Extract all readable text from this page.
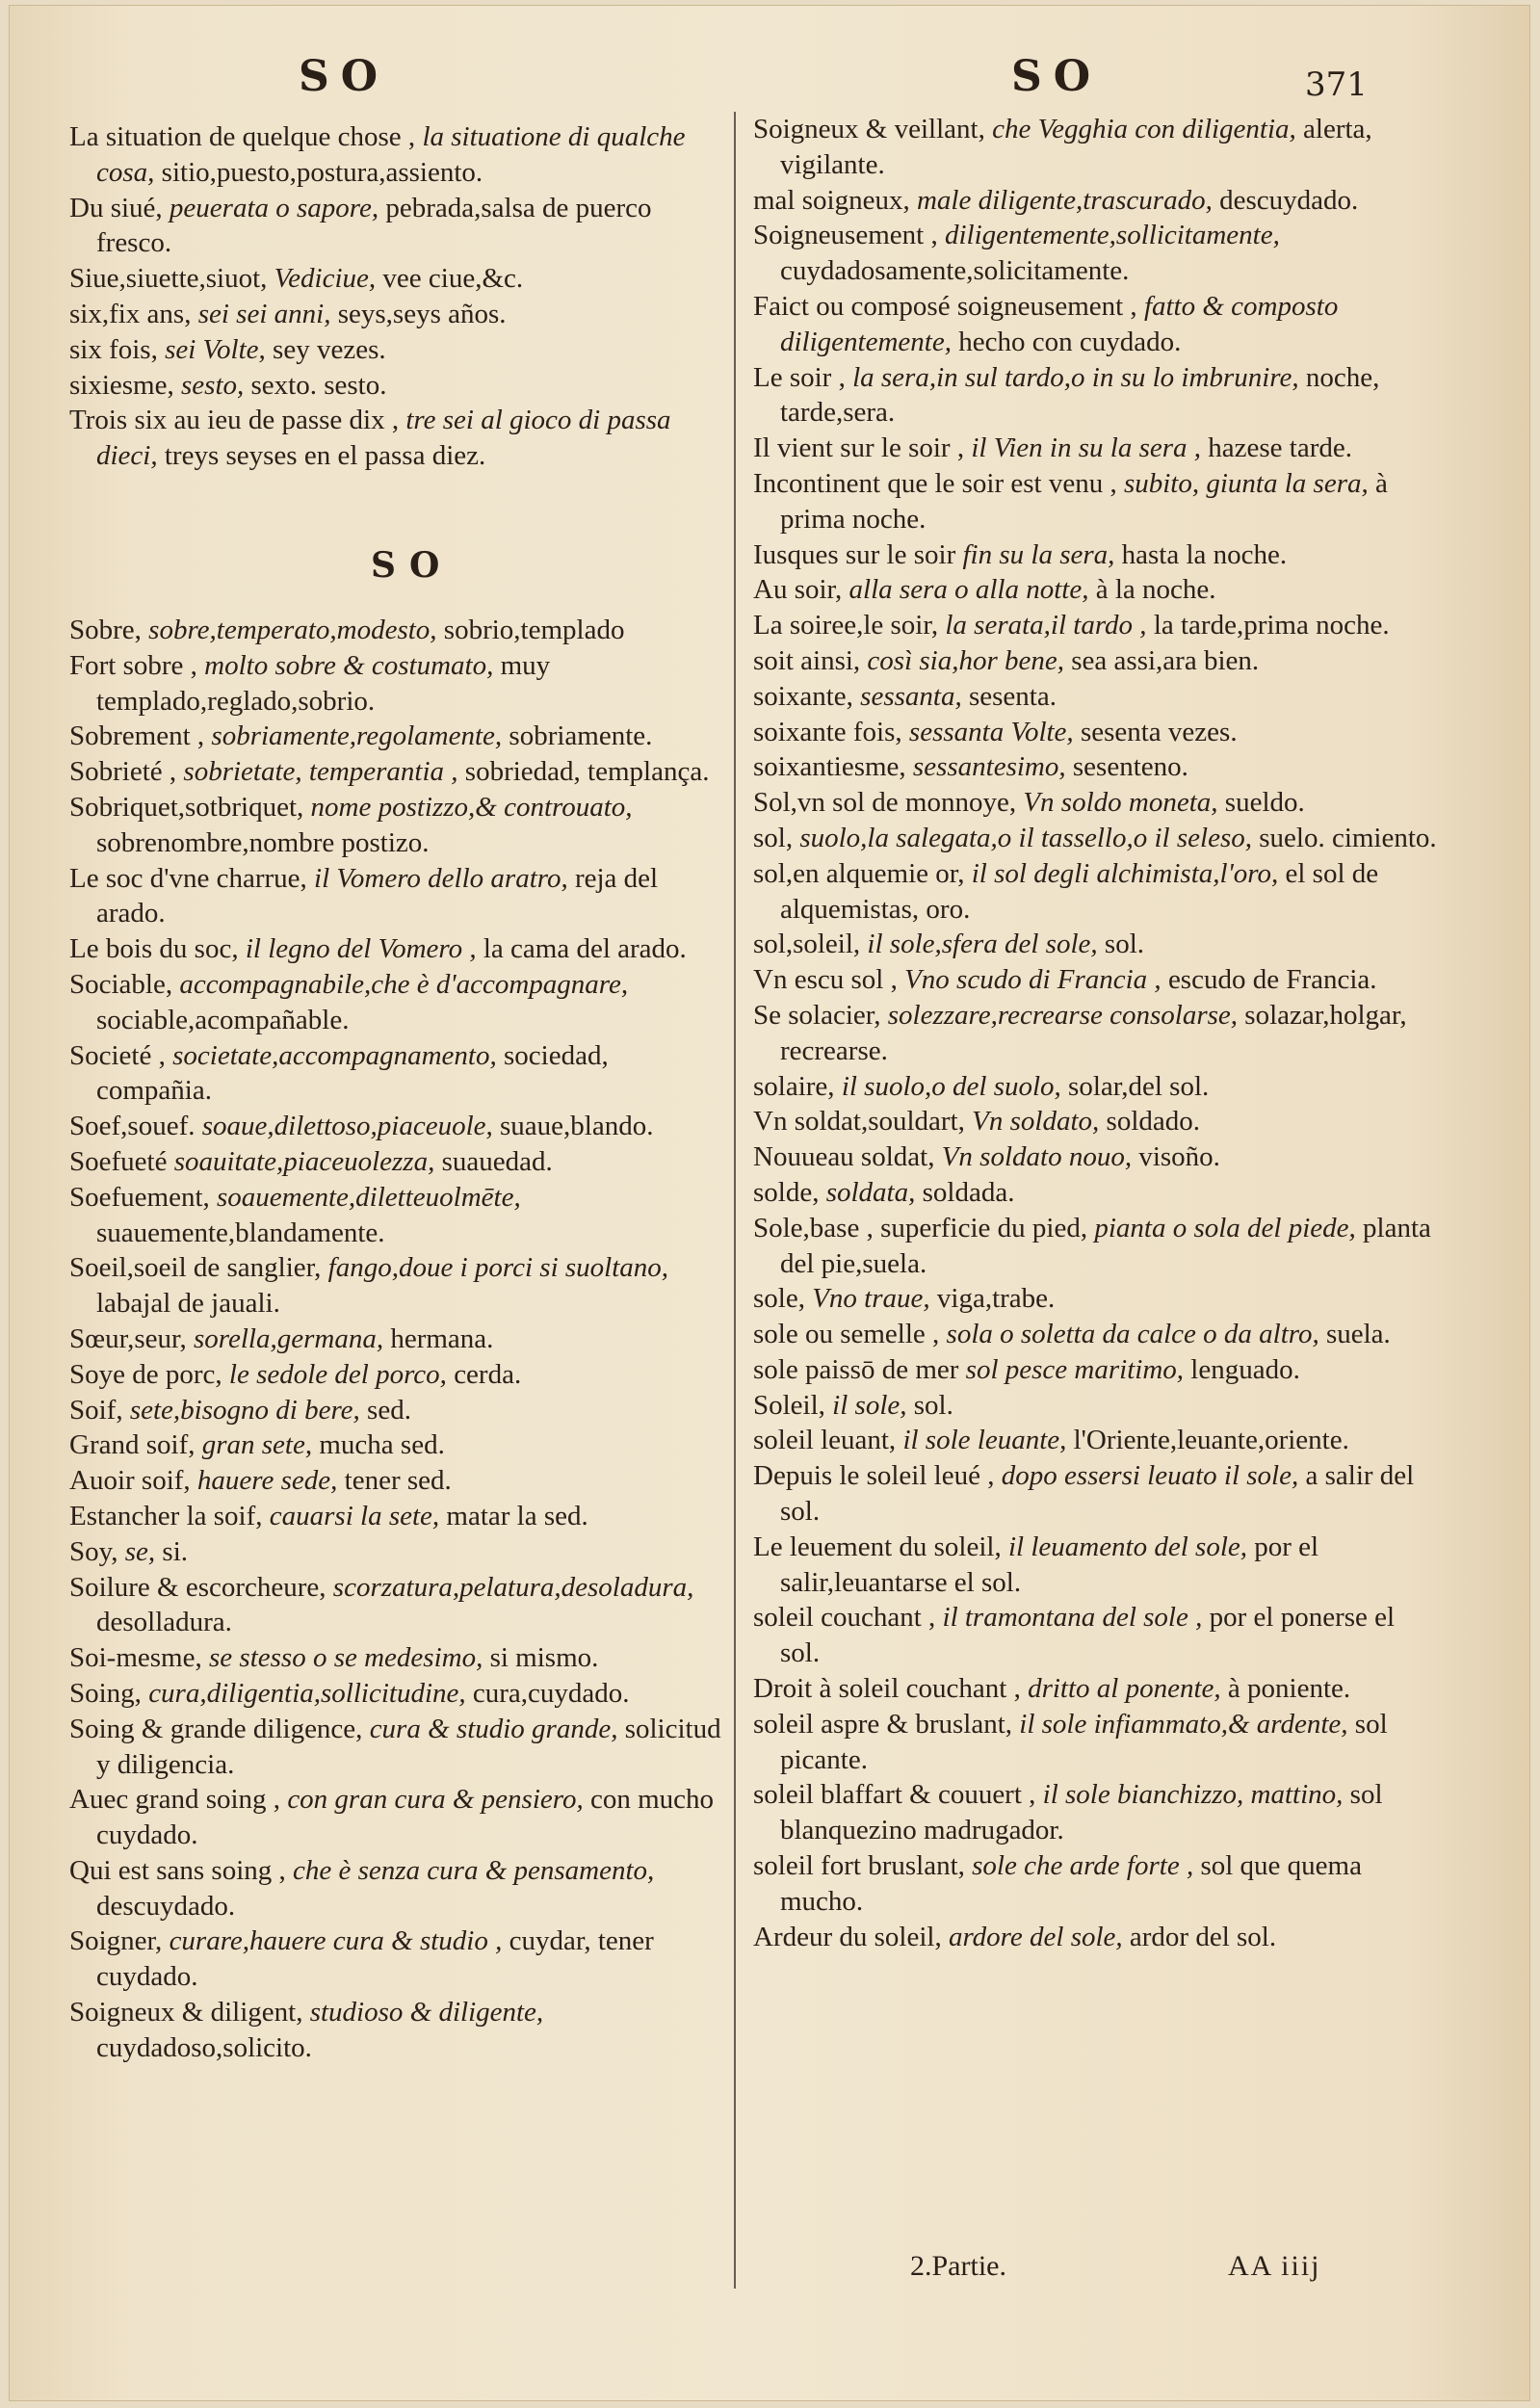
SO	SO	371
La situation de quelque chose , la situatione di qualche cosa, sitio,puesto,postura,assiento.
Du siué, peuerata o sapore, pebrada,salsa de puerco fresco.
Siue,siuette,siuot, Vediciue, vee ciue,&c.
six,fix ans, sei sei anni, seys,seys años.
six fois, sei Volte, sey vezes.
sixiesme, sesto, sexto. sesto.
Trois six au ieu de passe dix , tre sei al gioco di passa dieci, treys seyses en el passa diez.
SO
Sobre, sobre,temperato,modesto, sobrio,templado
Fort sobre , molto sobre & costumato, muy templado,reglado,sobrio.
Sobrement , sobriamente,regolamente, sobriamente.
Sobrieté , sobrietate, temperantia , sobriedad, templança.
Sobriquet,sotbriquet, nome postizzo,& controuato, sobrenombre,nombre postizo.
Le soc d'vne charrue, il Vomero dello aratro, reja del arado.
Le bois du soc, il legno del Vomero , la cama del arado.
Sociable, accompagnabile,che è d'accompagnare, sociable,acompañable.
Societé , societate,accompagnamento, sociedad, compañia.
Soef,souef. soaue,dilettoso,piaceuole, suaue,blando.
Soefueté soauitate,piaceuolezza, suauedad.
Soefuement, soauemente,diletteuolmēte, suauemente,blandamente.
Soeil,soeil de sanglier, fango,doue i porci si suoltano, labajal de jauali.
Sœur,seur, sorella,germana, hermana.
Soye de porc, le sedole del porco, cerda.
Soif, sete,bisogno di bere, sed.
Grand soif, gran sete, mucha sed.
Auoir soif, hauere sede, tener sed.
Estancher la soif, cauarsi la sete, matar la sed.
Soy, se, si.
Soilure & escorcheure, scorzatura,pelatura,desoladura, desolladura.
Soi-mesme, se stesso o se medesimo, si mismo.
Soing, cura,diligentia,sollicitudine, cura,cuydado.
Soing & grande diligence, cura & studio grande, solicitud y diligencia.
Auec grand soing , con gran cura & pensiero, con mucho cuydado.
Qui est sans soing , che è senza cura & pensamento, descuydado.
Soigner, curare,hauere cura & studio , cuydar, tener cuydado.
Soigneux & diligent, studioso & diligente, cuydadoso,solicito.
Soigneux & veillant, che Vegghia con diligentia, alerta, vigilante.
mal soigneux, male diligente,trascurado, descuydado.
Soigneusement , diligentemente,sollicitamente, cuydadosamente,solicitamente.
Faict ou composé soigneusement , fatto & composto diligentemente, hecho con cuydado.
Le soir , la sera,in sul tardo,o in su lo imbrunire, noche, tarde,sera.
Il vient sur le soir , il Vien in su la sera , hazese tarde.
Incontinent que le soir est venu , subito, giunta la sera, à prima noche.
Iusques sur le soir fin su la sera, hasta la noche.
Au soir, alla sera o alla notte, à la noche.
La soiree,le soir, la serata,il tardo , la tarde,prima noche.
soit ainsi, così sia,hor bene, sea assi,ara bien.
soixante, sessanta, sesenta.
soixante fois, sessanta Volte, sesenta vezes.
soixantiesme, sessantesimo, sesenteno.
Sol,vn sol de monnoye, Vn soldo moneta, sueldo.
sol, suolo,la salegata,o il tassello,o il seleso, suelo. cimiento.
sol,en alquemie or, il sol degli alchimista,l'oro, el sol de alquemistas, oro.
sol,soleil, il sole,sfera del sole, sol.
Vn escu sol , Vno scudo di Francia , escudo de Francia.
Se solacier, solezzare,recrearse consolarse, solazar,holgar, recrearse.
solaire, il suolo,o del suolo, solar,del sol.
Vn soldat,souldart, Vn soldato, soldado.
Nouueau soldat, Vn soldato nouo, visoño.
solde, soldata, soldada.
Sole,base , superficie du pied, pianta o sola del piede, planta del pie,suela.
sole, Vno traue, viga,trabe.
sole ou semelle , sola o soletta da calce o da altro, suela.
sole paissō de mer sol pesce maritimo, lenguado.
Soleil, il sole, sol.
soleil leuant, il sole leuante, l'Oriente,leuante,oriente.
Depuis le soleil leué , dopo essersi leuato il sole, a salir del sol.
Le leuement du soleil, il leuamento del sole, por el salir,leuantarse el sol.
soleil couchant , il tramontana del sole , por el ponerse el sol.
Droit à soleil couchant , dritto al ponente, à poniente.
soleil aspre & bruslant, il sole infiammato,& ardente, sol picante.
soleil blaffart & couuert , il sole bianchizzo, mattino, sol blanquezino madrugador.
soleil fort bruslant, sole che arde forte , sol que quema mucho.
Ardeur du soleil, ardore del sole, ardor del sol.
2.Partie.	AA iiij
